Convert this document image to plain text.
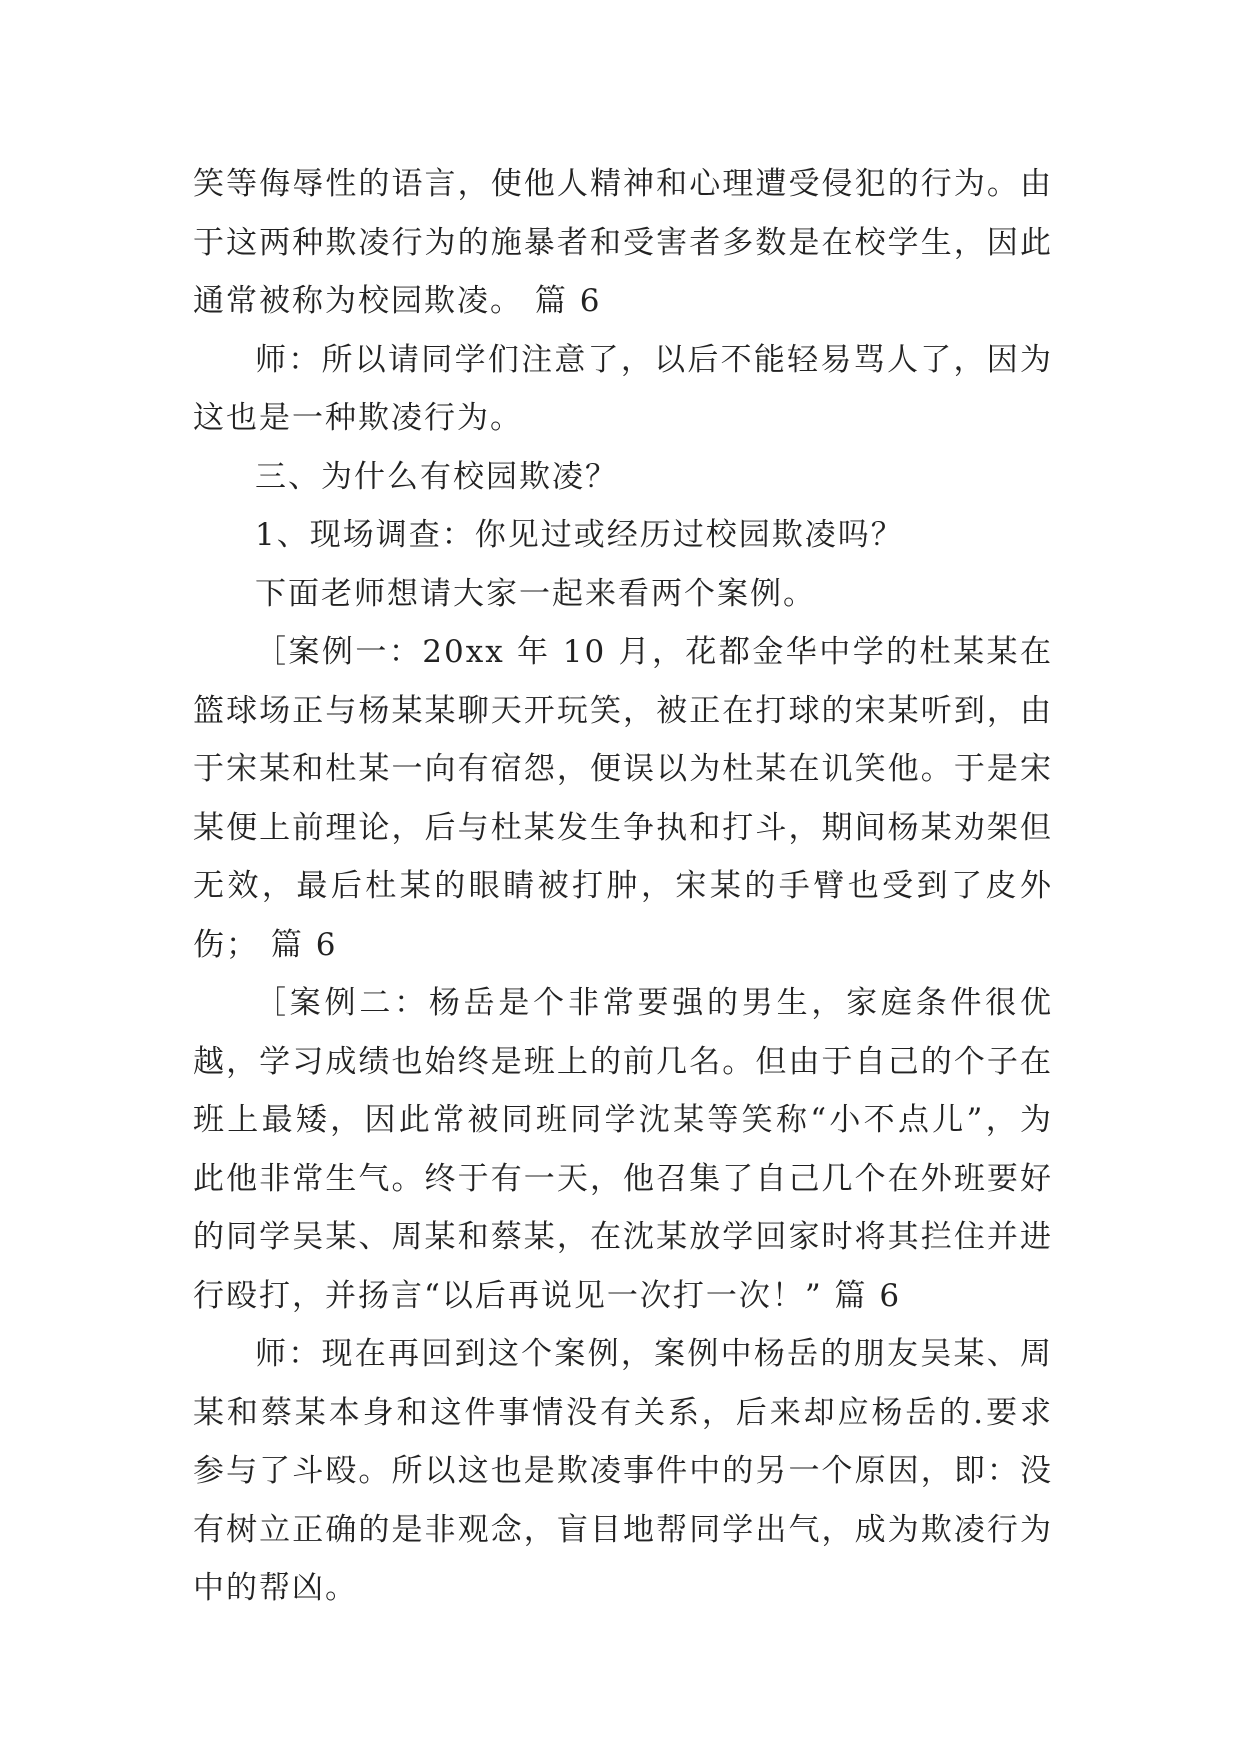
笑等侮辱性的语言，使他人精神和心理遭受侵犯的行为。由于这两种欺凌行为的施暴者和受害者多数是在校学生，因此通常被称为校园欺凌。 篇 6

师：所以请同学们注意了，以后不能轻易骂人了，因为这也是一种欺凌行为。

三、为什么有校园欺凌？

1、现场调查：你见过或经历过校园欺凌吗？

下面老师想请大家一起来看两个案例。

［案例一：20xx 年 10 月，花都金华中学的杜某某在篮球场正与杨某某聊天开玩笑，被正在打球的宋某听到，由于宋某和杜某一向有宿怨，便误以为杜某在讥笑他。于是宋某便上前理论，后与杜某发生争执和打斗，期间杨某劝架但无效，最后杜某的眼睛被打肿，宋某的手臂也受到了皮外伤； 篇 6

［案例二：杨岳是个非常要强的男生，家庭条件很优越，学习成绩也始终是班上的前几名。但由于自己的个子在班上最矮，因此常被同班同学沈某等笑称“小不点儿”，为此他非常生气。终于有一天，他召集了自己几个在外班要好的同学吴某、周某和蔡某，在沈某放学回家时将其拦住并进行殴打，并扬言“以后再说见一次打一次！” 篇 6

师：现在再回到这个案例，案例中杨岳的朋友吴某、周某和蔡某本身和这件事情没有关系，后来却应杨岳的.要求参与了斗殴。所以这也是欺凌事件中的另一个原因，即：没有树立正确的是非观念，盲目地帮同学出气，成为欺凌行为中的帮凶。
